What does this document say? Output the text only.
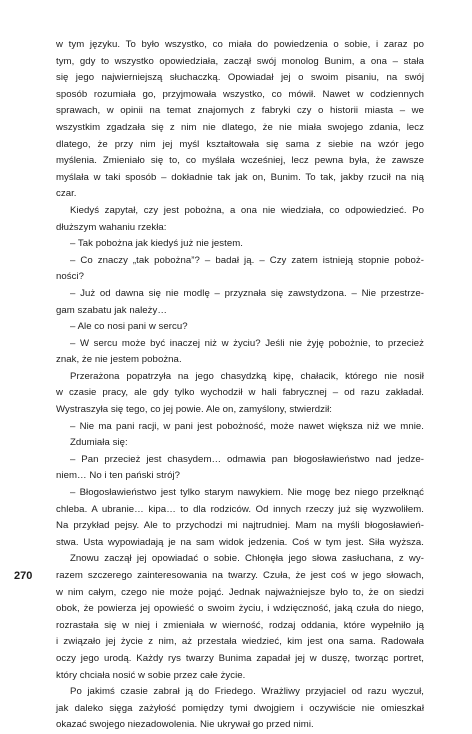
270
w tym języku. To było wszystko, co miała do powiedzenia o sobie, i zaraz po
tym, gdy to wszystko opowiedziała, zaczął swój monolog Bunim, a ona – stała
się jego najwierniejszą słuchaczką. Opowiadał jej o swoim pisaniu, na swój
sposób rozumiała go, przyjmowała wszystko, co mówił. Nawet w codziennych
sprawach, w opinii na temat znajomych z fabryki czy o historii miasta – we
wszystkim zgadzała się z nim nie dlatego, że nie miała swojego zdania, lecz
dlatego, że przy nim jej myśl kształtowała się sama z siebie na wzór jego
myślenia. Zmieniało się to, co myślała wcześniej, lecz pewna była, że zawsze
myślała w taki sposób – dokładnie tak jak on, Bunim. To tak, jakby rzucił na nią
czar.
Kiedyś zapytał, czy jest pobożna, a ona nie wiedziała, co odpowiedzieć. Po
dłuższym wahaniu rzekła:
– Tak pobożna jak kiedyś już nie jestem.
– Co znaczy „tak pobożna”? – badał ją. – Czy zatem istnieją stopnie poboż-
ności?
– Już od dawna się nie modlę – przyznała się zawstydzona. – Nie przestrze-
gam szabatu jak należy…
– Ale co nosi pani w sercu?
– W sercu może być inaczej niż w życiu? Jeśli nie żyję pobożnie, to przecież
znak, że nie jestem pobożna.
Przerażona popatrzyła na jego chasydzką kipę, chałacik, którego nie nosił
w czasie pracy, ale gdy tylko wychodził w hali fabrycznej – od razu zakładał.
Wystraszyła się tego, co jej powie. Ale on, zamyślony, stwierdził:
– Nie ma pani racji, w pani jest pobożność, może nawet większa niż we mnie.
Zdumiała się:
– Pan przecież jest chasydem… odmawia pan błogosławieństwo nad jedze-
niem… No i ten pański strój?
– Błogosławieństwo jest tylko starym nawykiem. Nie mogę bez niego przełknąć
chleba. A ubranie… kipa… to dla rodziców. Od innych rzeczy już się wyzwoliłem.
Na przykład pejsy. Ale to przychodzi mi najtrudniej. Mam na myśli błogosławień-
stwa. Usta wypowiadają je na sam widok jedzenia. Coś w tym jest. Siła wyższa.
Znowu zaczął jej opowiadać o sobie. Chłonęła jego słowa zasłuchana, z wy-
razem szczerego zainteresowania na twarzy. Czuła, że jest coś w jego słowach,
w nim całym, czego nie może pojąć. Jednak najważniejsze było to, że on siedzi
obok, że powierza jej opowieść o swoim życiu, i wdzięczność, jaką czuła do niego,
rozrastała się w niej i zmieniała w wierność, rodzaj oddania, które wypełniło ją
i związało jej życie z nim, aż przestała wiedzieć, kim jest ona sama. Radowała
oczy jego urodą. Każdy rys twarzy Bunima zapadał jej w duszę, tworząc portret,
który chciała nosić w sobie przez całe życie.
Po jakimś czasie zabrał ją do Friedego. Wrażliwy przyjaciel od razu wyczuł,
jak daleko sięga zażyłość pomiędzy tymi dwojgiem i oczywiście nie omieszkał
okazać swojego niezadowolenia. Nie ukrywał go przed nimi.
